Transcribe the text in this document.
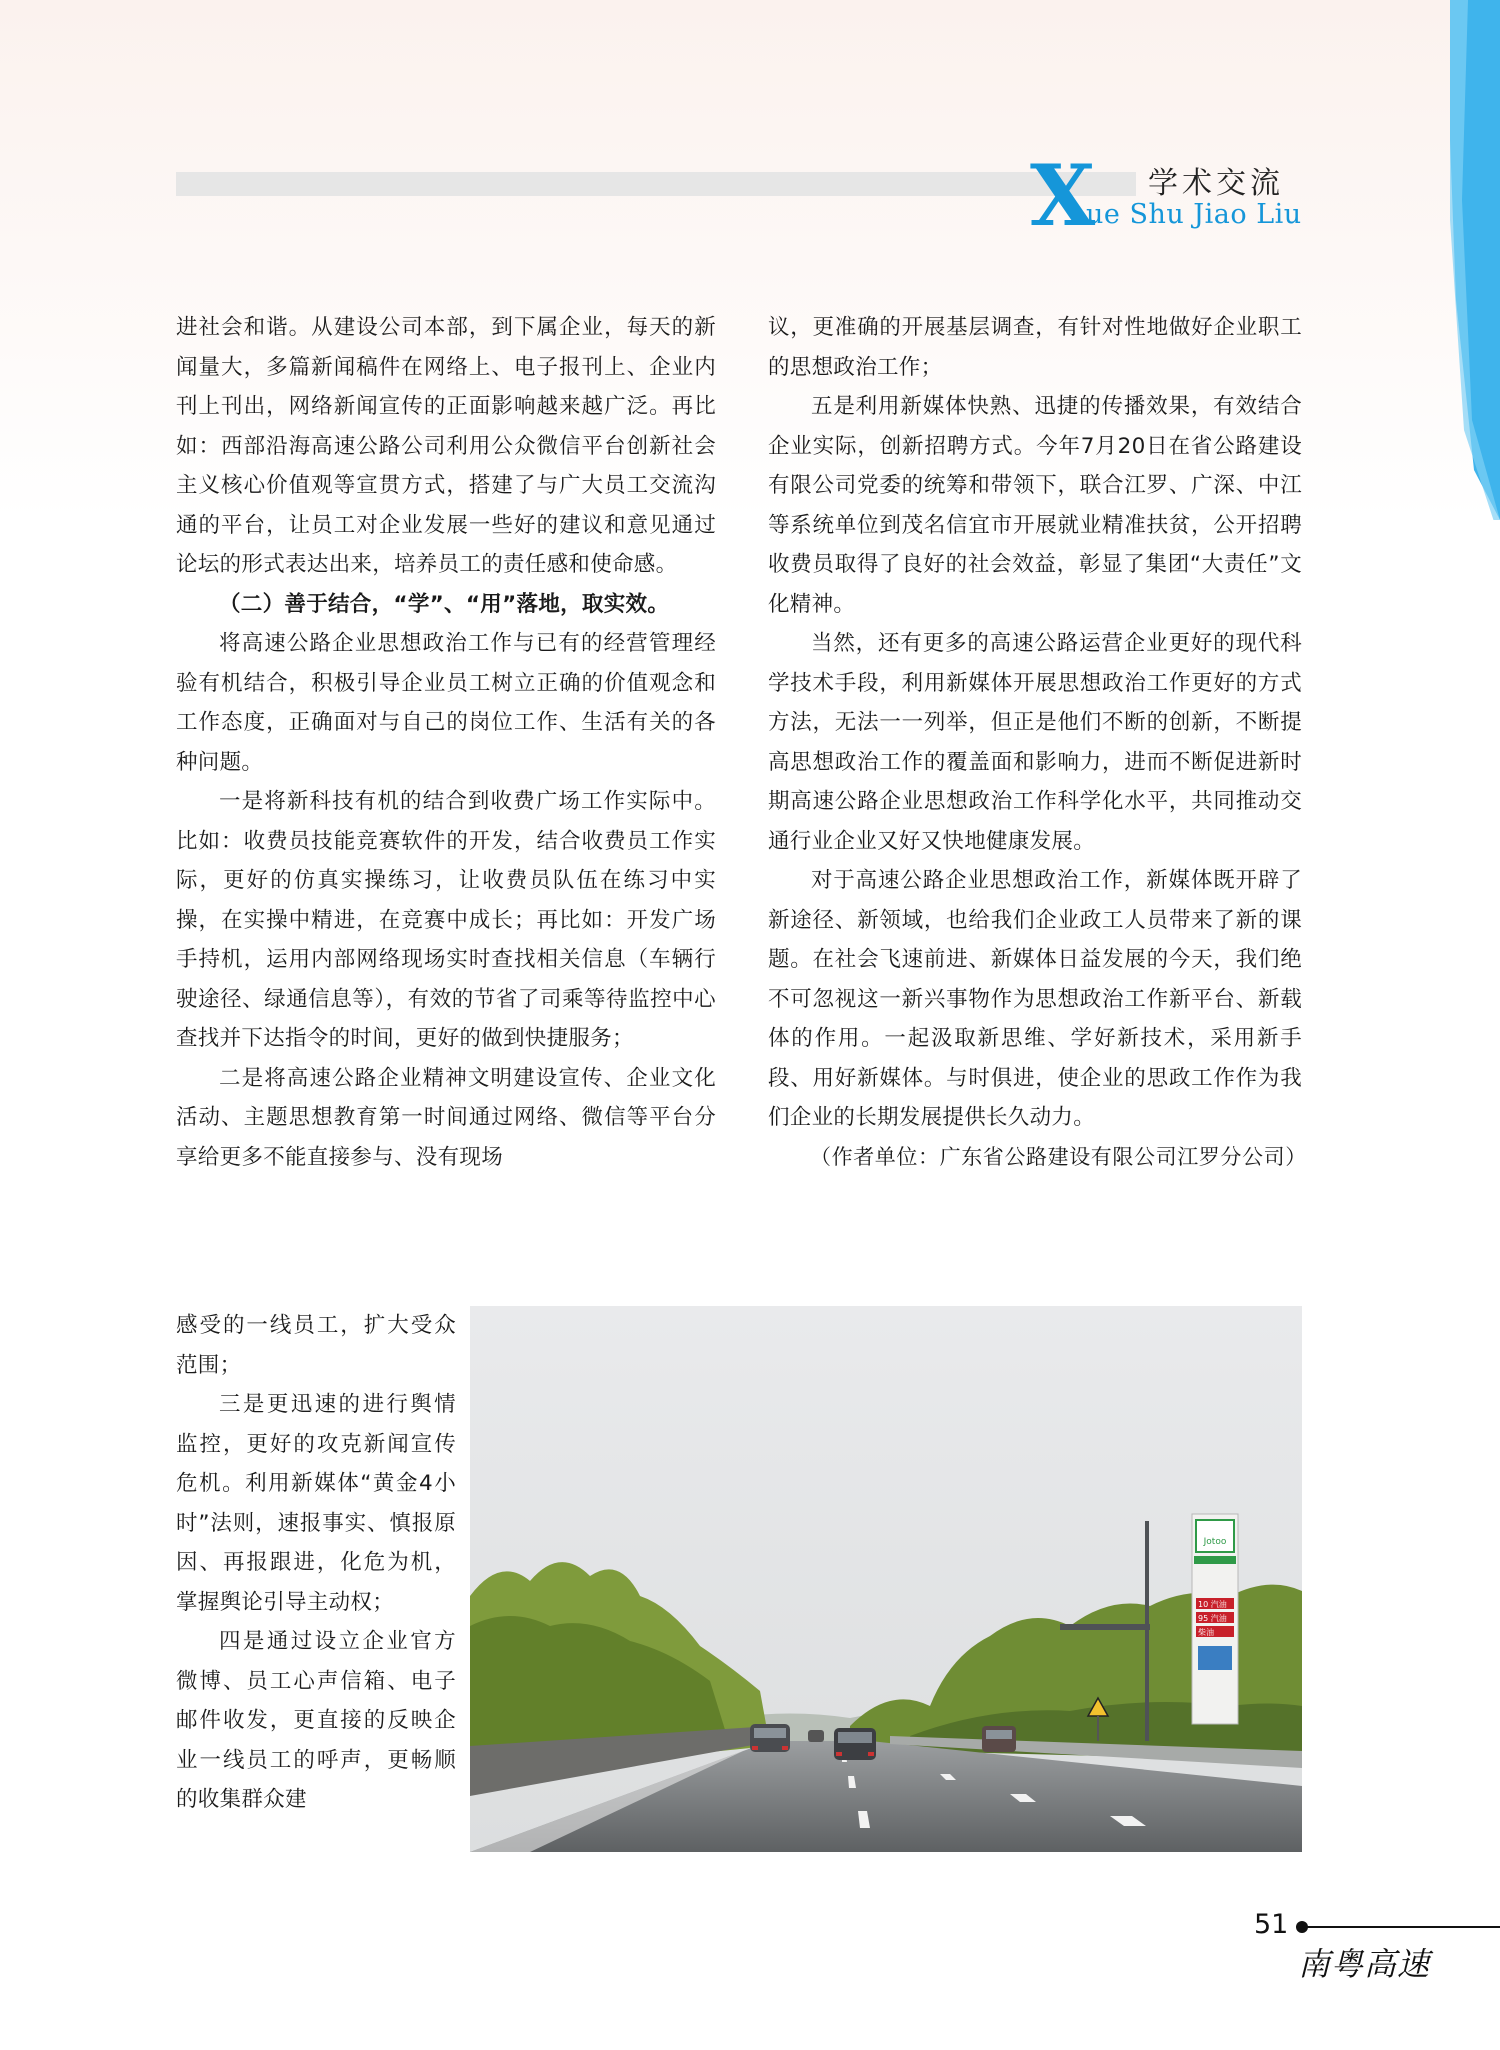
X 学术交流
ue Shu Jiao Liu

进社会和谐。从建设公司本部，到下属企业，每天的新闻量大，多篇新闻稿件在网络上、电子报刊上、企业内刊上刊出，网络新闻宣传的正面影响越来越广泛。再比如：西部沿海高速公路公司利用公众微信平台创新社会主义核心价值观等宣贯方式，搭建了与广大员工交流沟通的平台，让员工对企业发展一些好的建议和意见通过论坛的形式表达出来，培养员工的责任感和使命感。

（二）善于结合，“学”、“用”落地，取实效。

将高速公路企业思想政治工作与已有的经营管理经验有机结合，积极引导企业员工树立正确的价值观念和工作态度，正确面对与自己的岗位工作、生活有关的各种问题。

一是将新科技有机的结合到收费广场工作实际中。比如：收费员技能竞赛软件的开发，结合收费员工作实际，更好的仿真实操练习，让收费员队伍在练习中实操，在实操中精进，在竞赛中成长；再比如：开发广场手持机，运用内部网络现场实时查找相关信息（车辆行驶途径、绿通信息等），有效的节省了司乘等待监控中心查找并下达指令的时间，更好的做到快捷服务；

二是将高速公路企业精神文明建设宣传、企业文化活动、主题思想教育第一时间通过网络、微信等平台分享给更多不能直接参与、没有现场

感受的一线员工，扩大受众范围；

三是更迅速的进行舆情监控，更好的攻克新闻宣传危机。利用新媒体“黄金4小时”法则，速报事实、慎报原因、再报跟进，化危为机，掌握舆论引导主动权；

四是通过设立企业官方微博、员工心声信箱、电子邮件收发，更直接的反映企业一线员工的呼声，更畅顺的收集群众建

议，更准确的开展基层调查，有针对性地做好企业职工的思想政治工作；

五是利用新媒体快熟、迅捷的传播效果，有效结合企业实际，创新招聘方式。今年7月20日在省公路建设有限公司党委的统筹和带领下，联合江罗、广深、中江等系统单位到茂名信宜市开展就业精准扶贫，公开招聘收费员取得了良好的社会效益，彰显了集团“大责任”文化精神。

当然，还有更多的高速公路运营企业更好的现代科学技术手段，利用新媒体开展思想政治工作更好的方式方法，无法一一列举，但正是他们不断的创新，不断提高思想政治工作的覆盖面和影响力，进而不断促进新时期高速公路企业思想政治工作科学化水平，共同推动交通行业企业又好又快地健康发展。

对于高速公路企业思想政治工作，新媒体既开辟了新途径、新领域，也给我们企业政工人员带来了新的课题。在社会飞速前进、新媒体日益发展的今天，我们绝不可忽视这一新兴事物作为思想政治工作新平台、新载体的作用。一起汲取新思维、学好新技术，采用新手段、用好新媒体。与时俱进，使企业的思政工作作为我们企业的长期发展提供长久动力。

（作者单位：广东省公路建设有限公司江罗分公司）

Jotoo
10 汽油
95 汽油
柴油
51
南粤高速
